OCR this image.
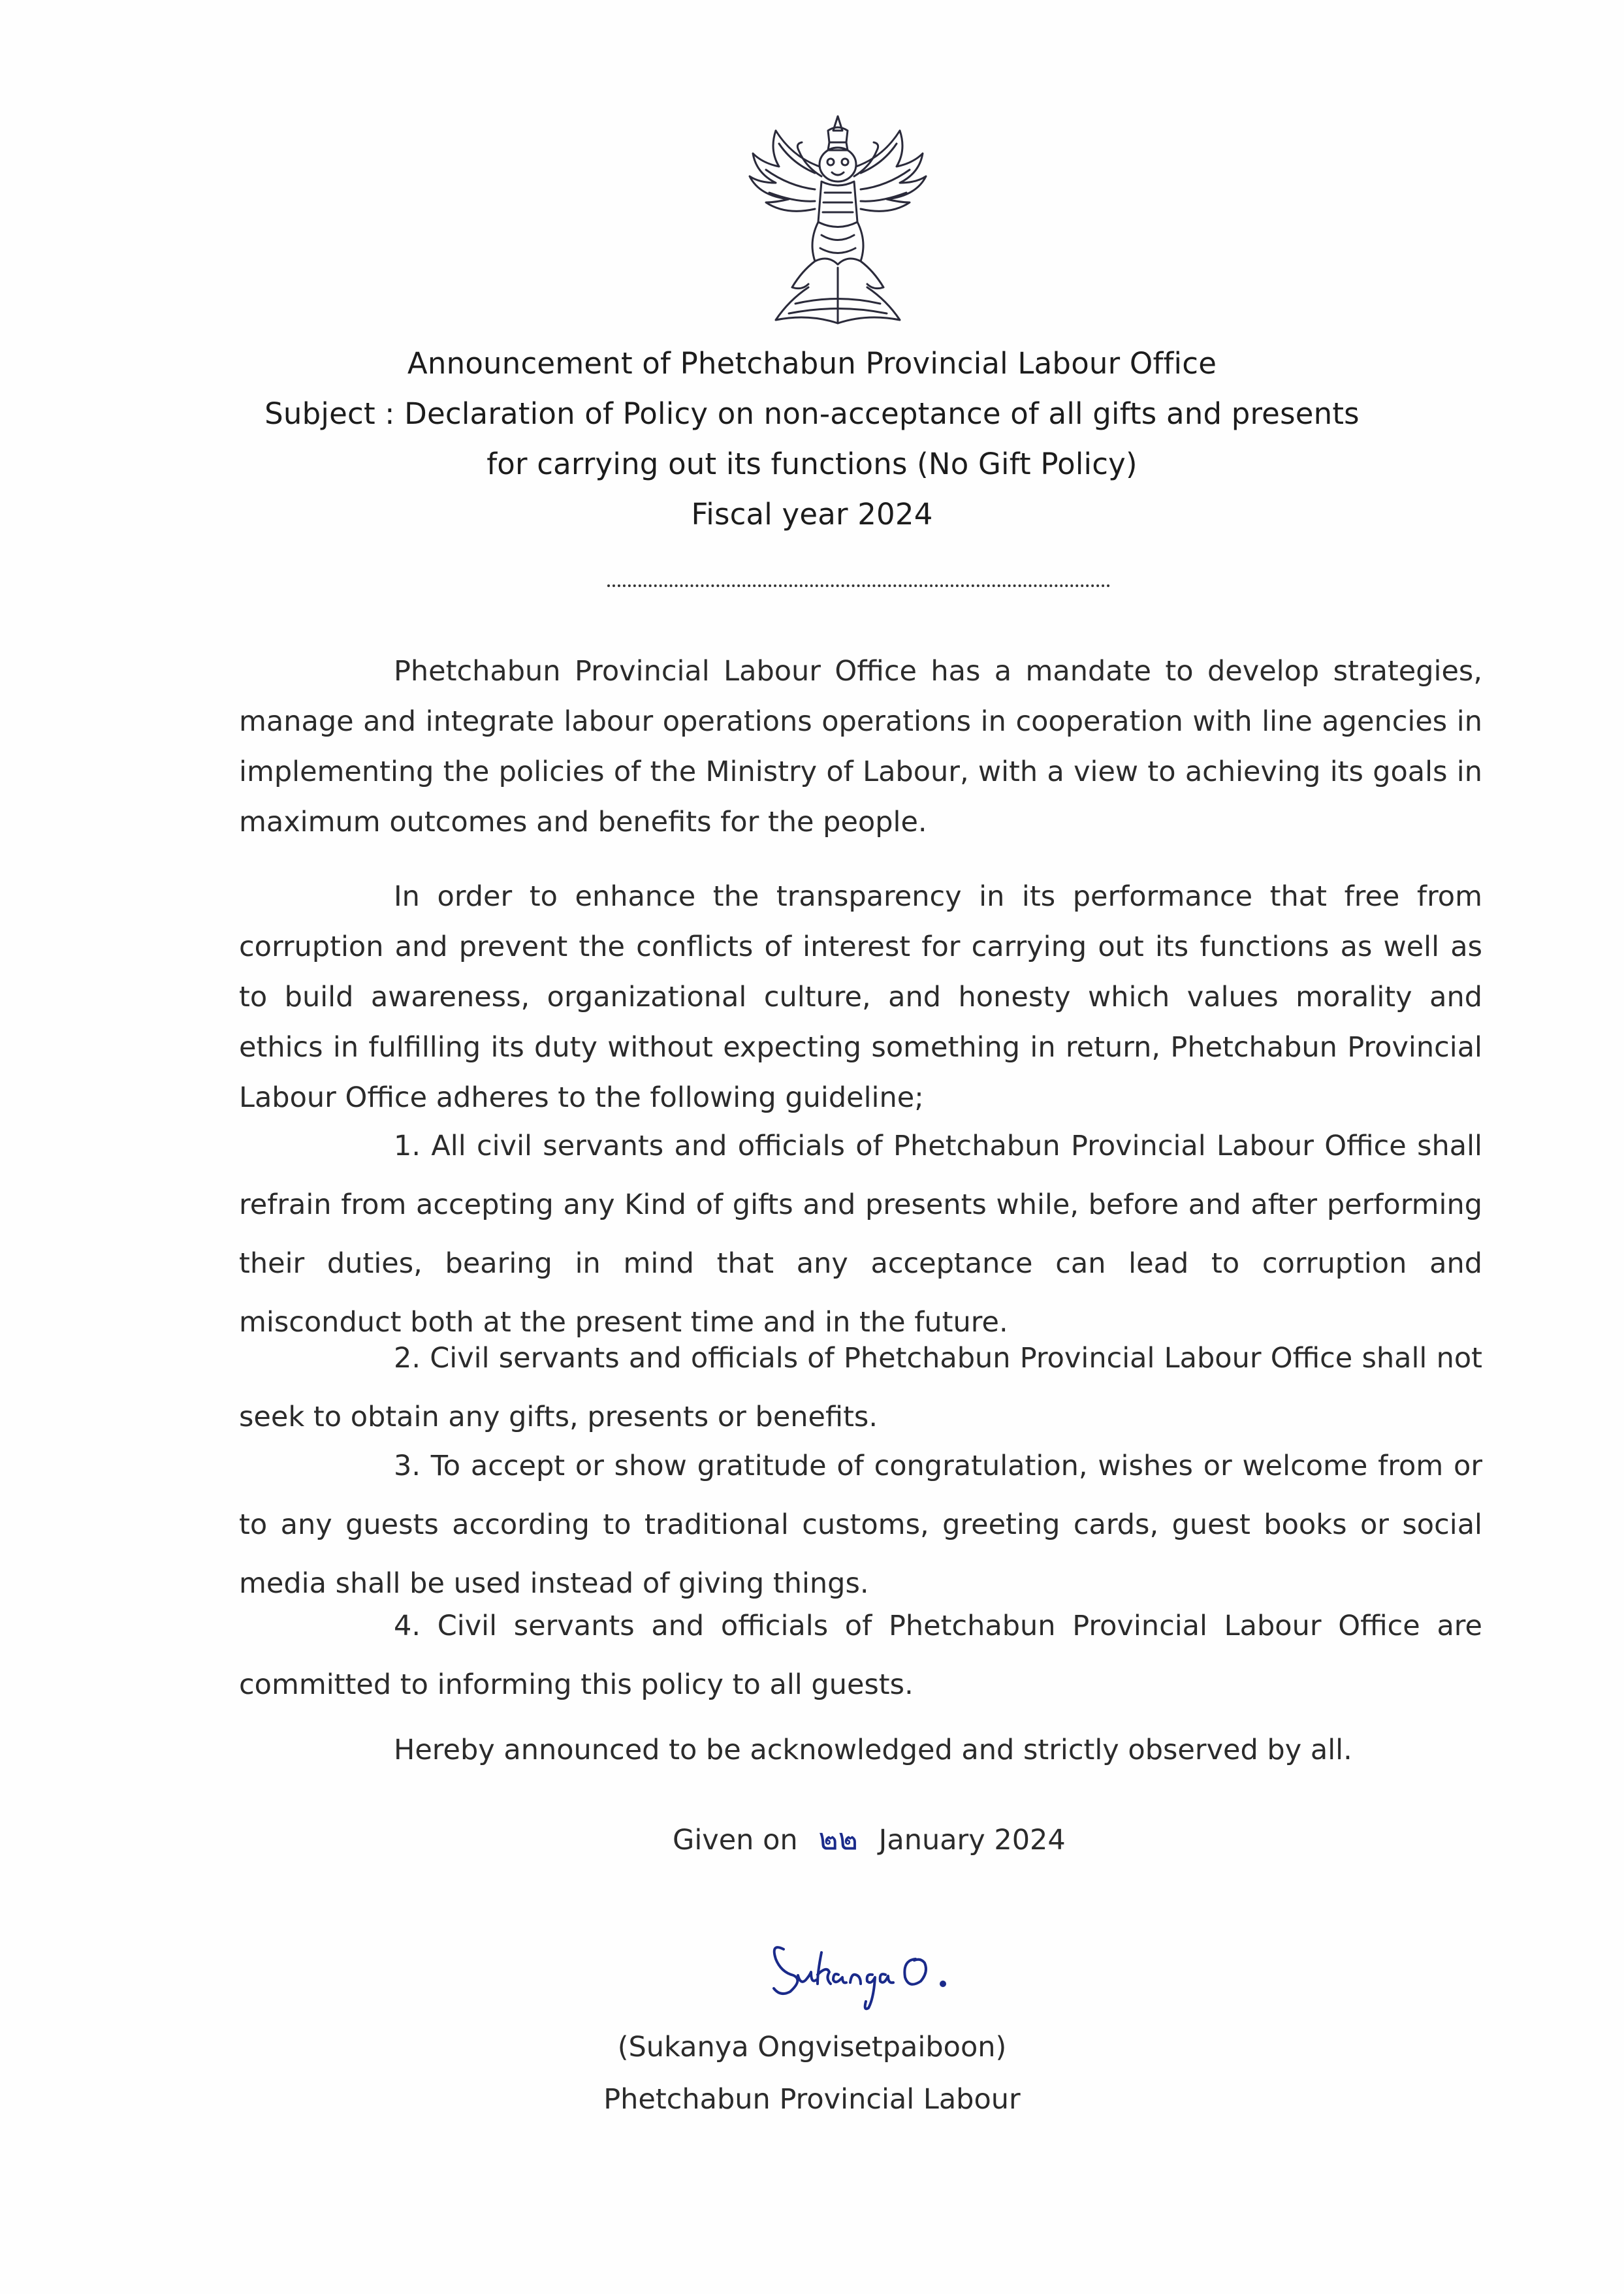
Announcement of Phetchabun Provincial Labour Office
Subject : Declaration of Policy on non-acceptance of all gifts and presents
for carrying out its functions (No Gift Policy)
Fiscal year 2024

Phetchabun Provincial Labour Office has a mandate to develop strategies, manage and integrate labour operations operations in cooperation with line agencies in implementing the policies of the Ministry of Labour, with a view to achieving its goals in maximum outcomes and benefits for the people.

In order to enhance the transparency in its performance that free from corruption and prevent the conflicts of interest for carrying out its functions as well as to build awareness, organizational culture, and honesty which values morality and ethics in fulfilling its duty without expecting something in return, Phetchabun Provincial Labour Office adheres to the following guideline;

1. All civil servants and officials of Phetchabun Provincial Labour Office shall refrain from accepting any Kind of gifts and presents while, before and after performing their duties, bearing in mind that any acceptance can lead to corruption and misconduct both at the present time and in the future.

2. Civil servants and officials of Phetchabun Provincial Labour Office shall not seek to obtain any gifts, presents or benefits.

3. To accept or show gratitude of congratulation, wishes or welcome from or to any guests according to traditional customs, greeting cards, guest books or social media shall be used instead of giving things.

4. Civil servants and officials of Phetchabun Provincial Labour Office are committed to informing this policy to all guests.

Hereby announced to be acknowledged and strictly observed by all.
Given on ๒๒ January 2024
(Sukanya Ongvisetpaiboon)
Phetchabun Provincial Labour
